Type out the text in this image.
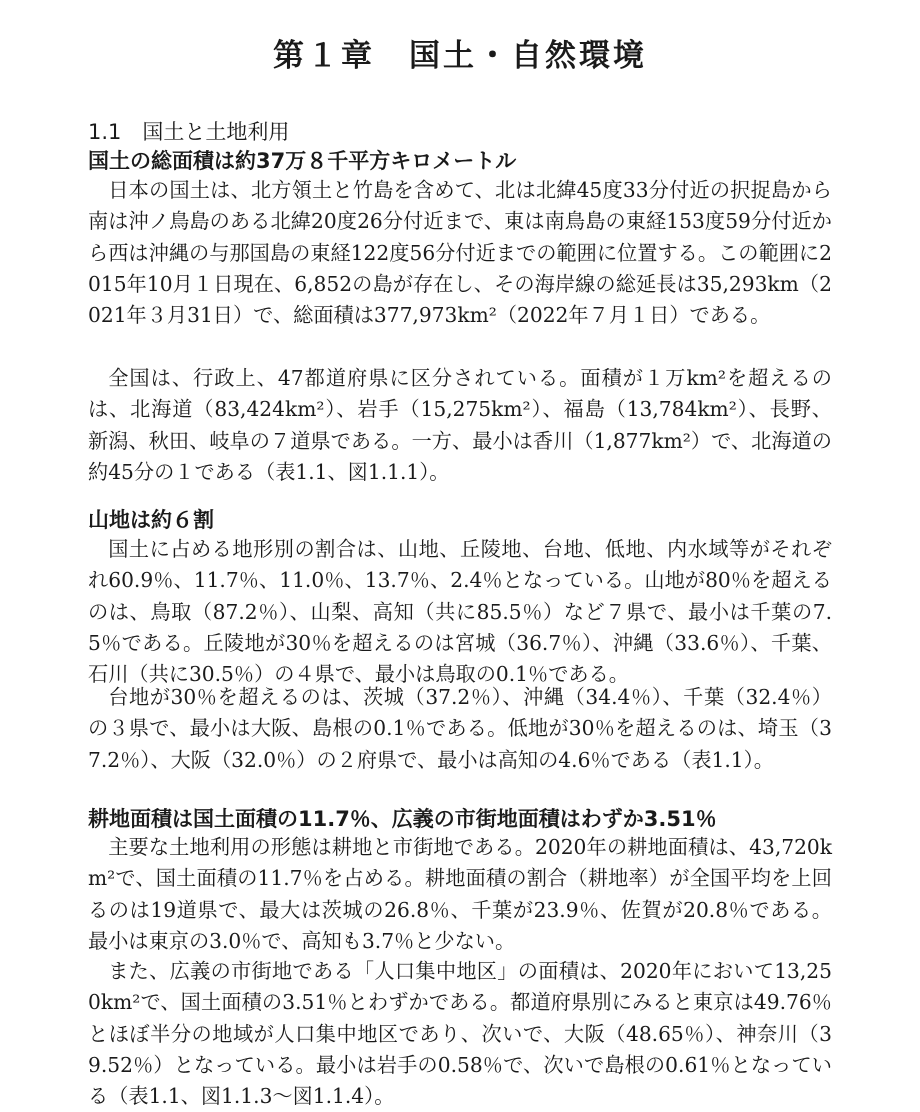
第１章　国土・自然環境
1.1　国土と土地利用
国土の総面積は約37万８千平方キロメートル

日本の国土は、北方領土と竹島を含めて、北は北緯45度33分付近の択捉島から南は沖ノ鳥島のある北緯20度26分付近まで、東は南鳥島の東経153度59分付近から西は沖縄の与那国島の東経122度56分付近までの範囲に位置する。この範囲に2015年10月１日現在、6,852の島が存在し、その海岸線の総延長は35,293km（2021年３月31日）で、総面積は377,973km²（2022年７月１日）である。

全国は、行政上、47都道府県に区分されている。面積が１万km²を超えるのは、北海道（83,424km²）、岩手（15,275km²）、福島（13,784km²）、長野、新潟、秋田、岐阜の７道県である。一方、最小は香川（1,877km²）で、北海道の約45分の１である（表1.1、図1.1.1）。

山地は約６割

国土に占める地形別の割合は、山地、丘陵地、台地、低地、内水域等がそれぞれ60.9％、11.7％、11.0％、13.7％、2.4％となっている。山地が80％を超えるのは、鳥取（87.2％）、山梨、高知（共に85.5％）など７県で、最小は千葉の7.5％である。丘陵地が30％を超えるのは宮城（36.7％）、沖縄（33.6％）、千葉、石川（共に30.5％）の４県で、最小は鳥取の0.1％である。

台地が30％を超えるのは、茨城（37.2％）、沖縄（34.4％）、千葉（32.4％）の３県で、最小は大阪、島根の0.1％である。低地が30％を超えるのは、埼玉（37.2％）、大阪（32.0％）の２府県で、最小は高知の4.6％である（表1.1）。

耕地面積は国土面積の11.7％、広義の市街地面積はわずか3.51％

主要な土地利用の形態は耕地と市街地である。2020年の耕地面積は、43,720km²で、国土面積の11.7％を占める。耕地面積の割合（耕地率）が全国平均を上回るのは19道県で、最大は茨城の26.8％、千葉が23.9％、佐賀が20.8％である。最小は東京の3.0％で、高知も3.7％と少ない。

また、広義の市街地である「人口集中地区」の面積は、2020年において13,250km²で、国土面積の3.51％とわずかである。都道府県別にみると東京は49.76％とほぼ半分の地域が人口集中地区であり、次いで、大阪（48.65％）、神奈川（39.52％）となっている。最小は岩手の0.58％で、次いで島根の0.61％となっている（表1.1、図1.1.3～図1.1.4）。
